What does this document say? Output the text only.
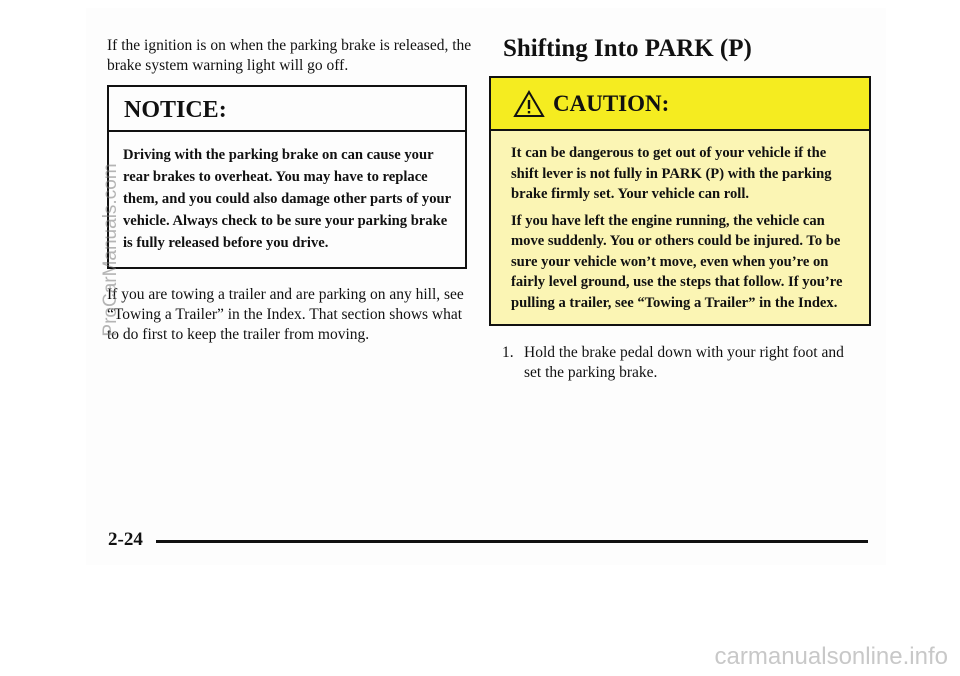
If the ignition is on when the parking brake is released, the brake system warning light will go off.
NOTICE:
Driving with the parking brake on can cause your rear brakes to overheat. You may have to replace them, and you could also damage other parts of your vehicle. Always check to be sure your parking brake is fully released before you drive.
If you are towing a trailer and are parking on any hill, see “Towing a Trailer” in the Index. That section shows what to do first to keep the trailer from moving.
Shifting Into PARK (P)
CAUTION:

It can be dangerous to get out of your vehicle if the shift lever is not fully in PARK (P) with the parking brake firmly set. Your vehicle can roll.

If you have left the engine running, the vehicle can move suddenly. You or others could be injured. To be sure your vehicle won’t move, even when you’re on fairly level ground, use the steps that follow. If you’re pulling a trailer, see “Towing a Trailer” in the Index.

1. Hold the brake pedal down with your right foot and set the parking brake.
2-24
ProCarManuals.com
carmanualsonline.info
